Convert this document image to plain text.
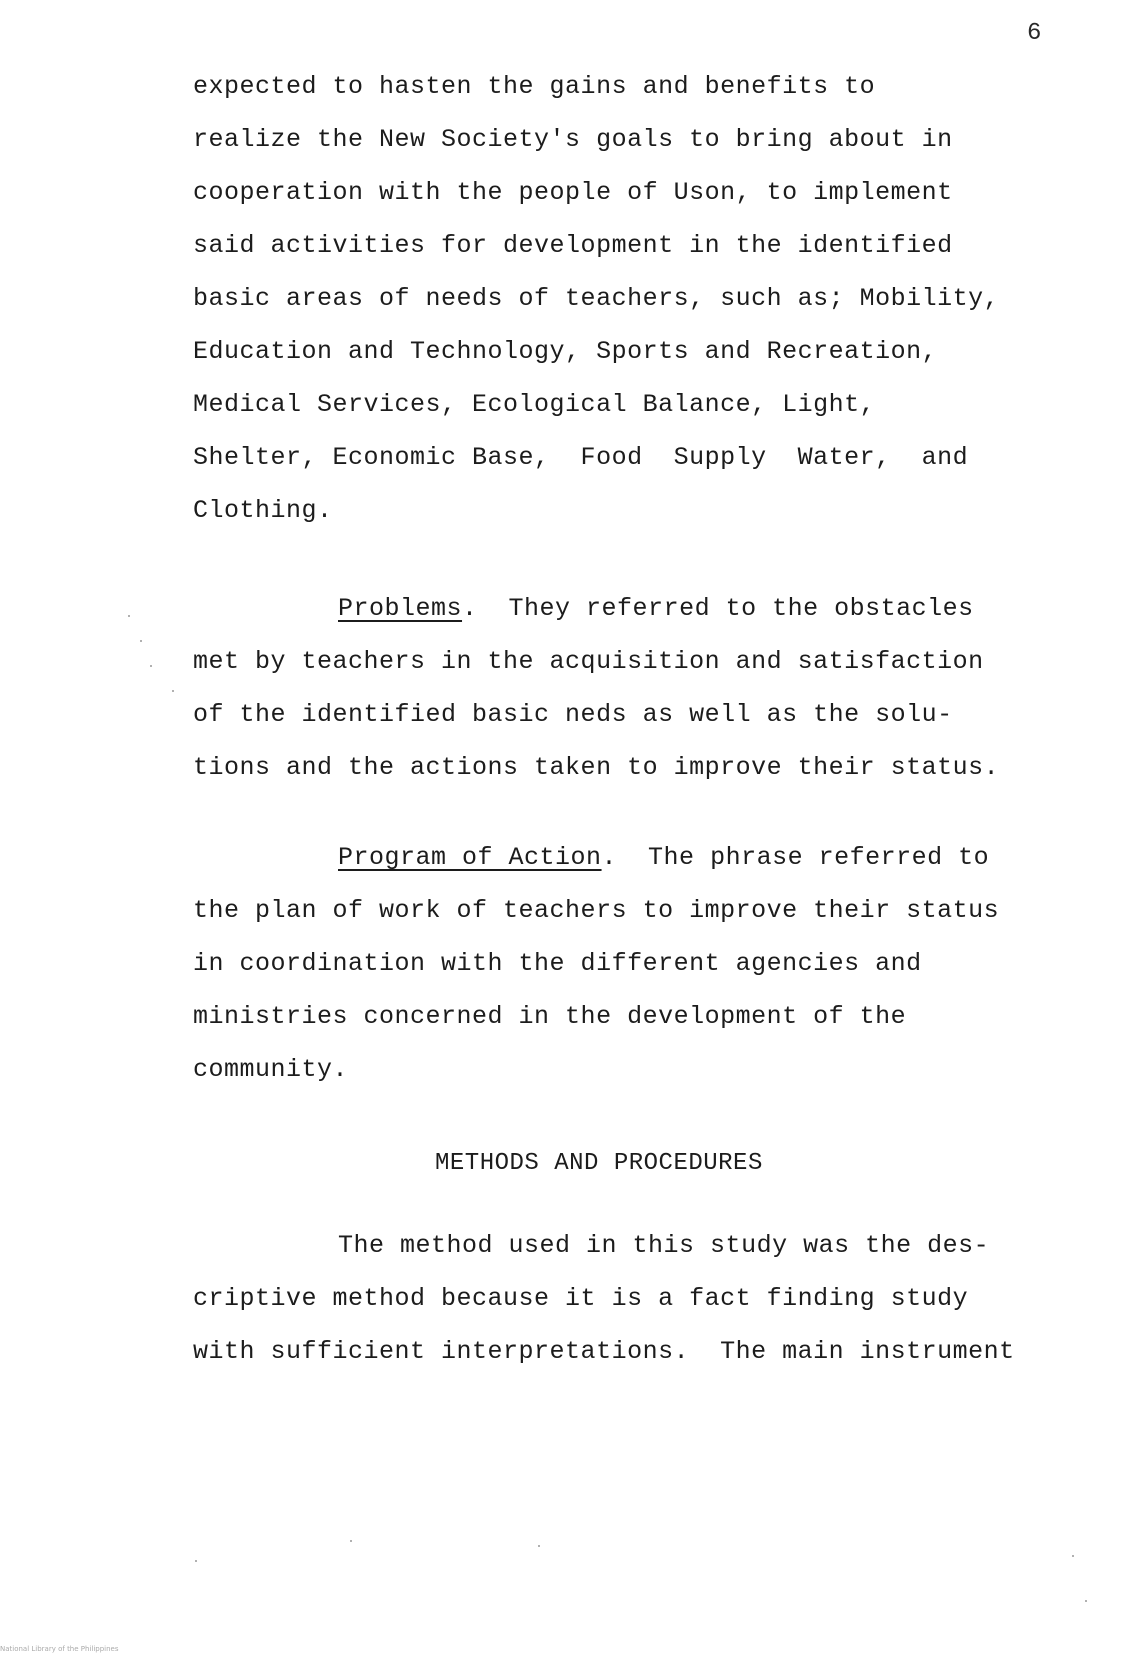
6
expected to hasten the gains and benefits to
realize the New Society's goals to bring about in
cooperation with the people of Uson, to implement
said activities for development in the identified
basic areas of needs of teachers, such as; Mobility,
Education and Technology, Sports and Recreation,
Medical Services, Ecological Balance, Light,
Shelter, Economic Base,  Food  Supply  Water,  and
Clothing.
Problems.  They referred to the obstacles
met by teachers in the acquisition and satisfaction
of the identified basic neds as well as the solu-
tions and the actions taken to improve their status.
Program of Action.  The phrase referred to
the plan of work of teachers to improve their status
in coordination with the different agencies and
ministries concerned in the development of the
community.
METHODS AND PROCEDURES
The method used in this study was the des-
criptive method because it is a fact finding study
with sufficient interpretations.  The main instrument
National Library of the Philippines
